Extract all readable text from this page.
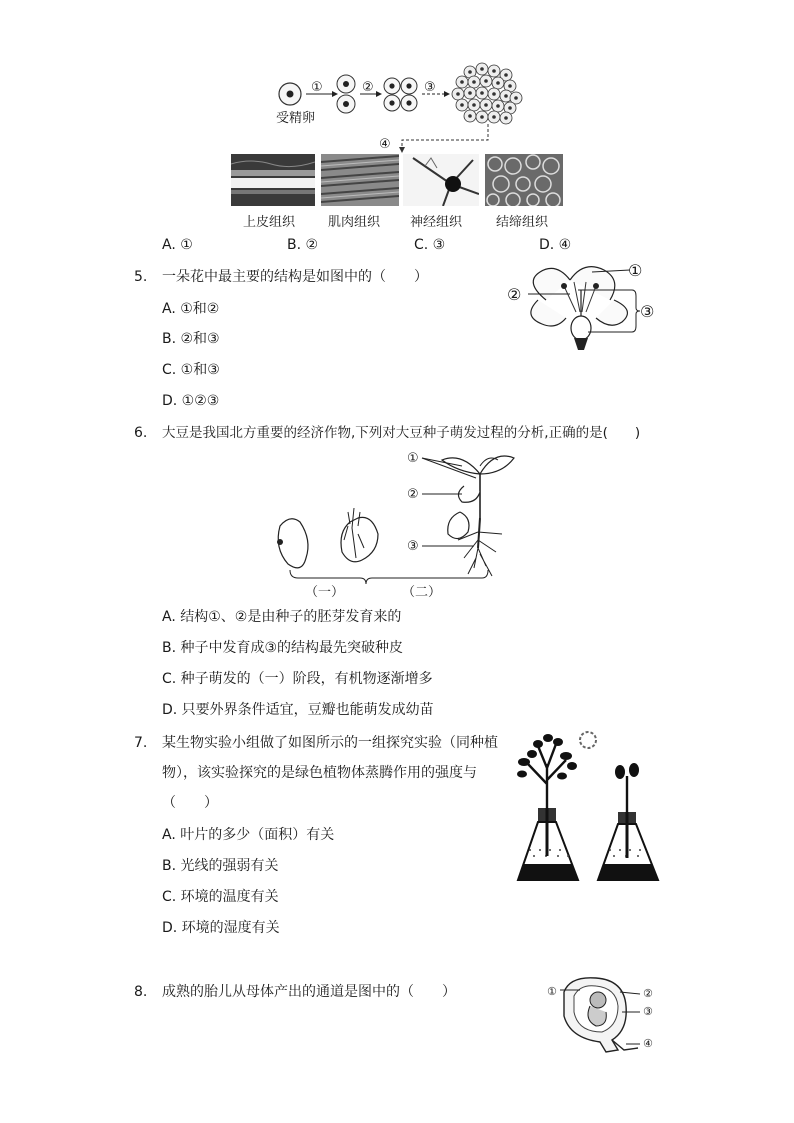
受精卵
①	②	③
④
上皮组织	肌肉组织 神经组织	结缔组织
A. ①	B. ②	C. ③	D. ④
5. 一朵花中最主要的结构是如图中的（　　）
A. ①和②
B. ②和③
C. ①和③
D. ①②③
①
②
③
6. 大豆是我国北方重要的经济作物,下列对大豆种子萌发过程的分析,正确的是(　　)
①
②
③
（一）	（二）
A. 结构①、②是由种子的胚芽发育来的
B. 种子中发育成③的结构最先突破种皮
C. 种子萌发的（一）阶段，有机物逐渐增多
D. 只要外界条件适宜，豆瓣也能萌发成幼苗
7. 某生物实验小组做了如图所示的一组探究实验（同种植
物），该实验探究的是绿色植物体蒸腾作用的强度与
（　　）
A. 叶片的多少（面积）有关
B. 光线的强弱有关
C. 环境的温度有关
D. 环境的湿度有关
8. 成熟的胎儿从母体产出的通道是图中的（　　）	①	②
③
④
